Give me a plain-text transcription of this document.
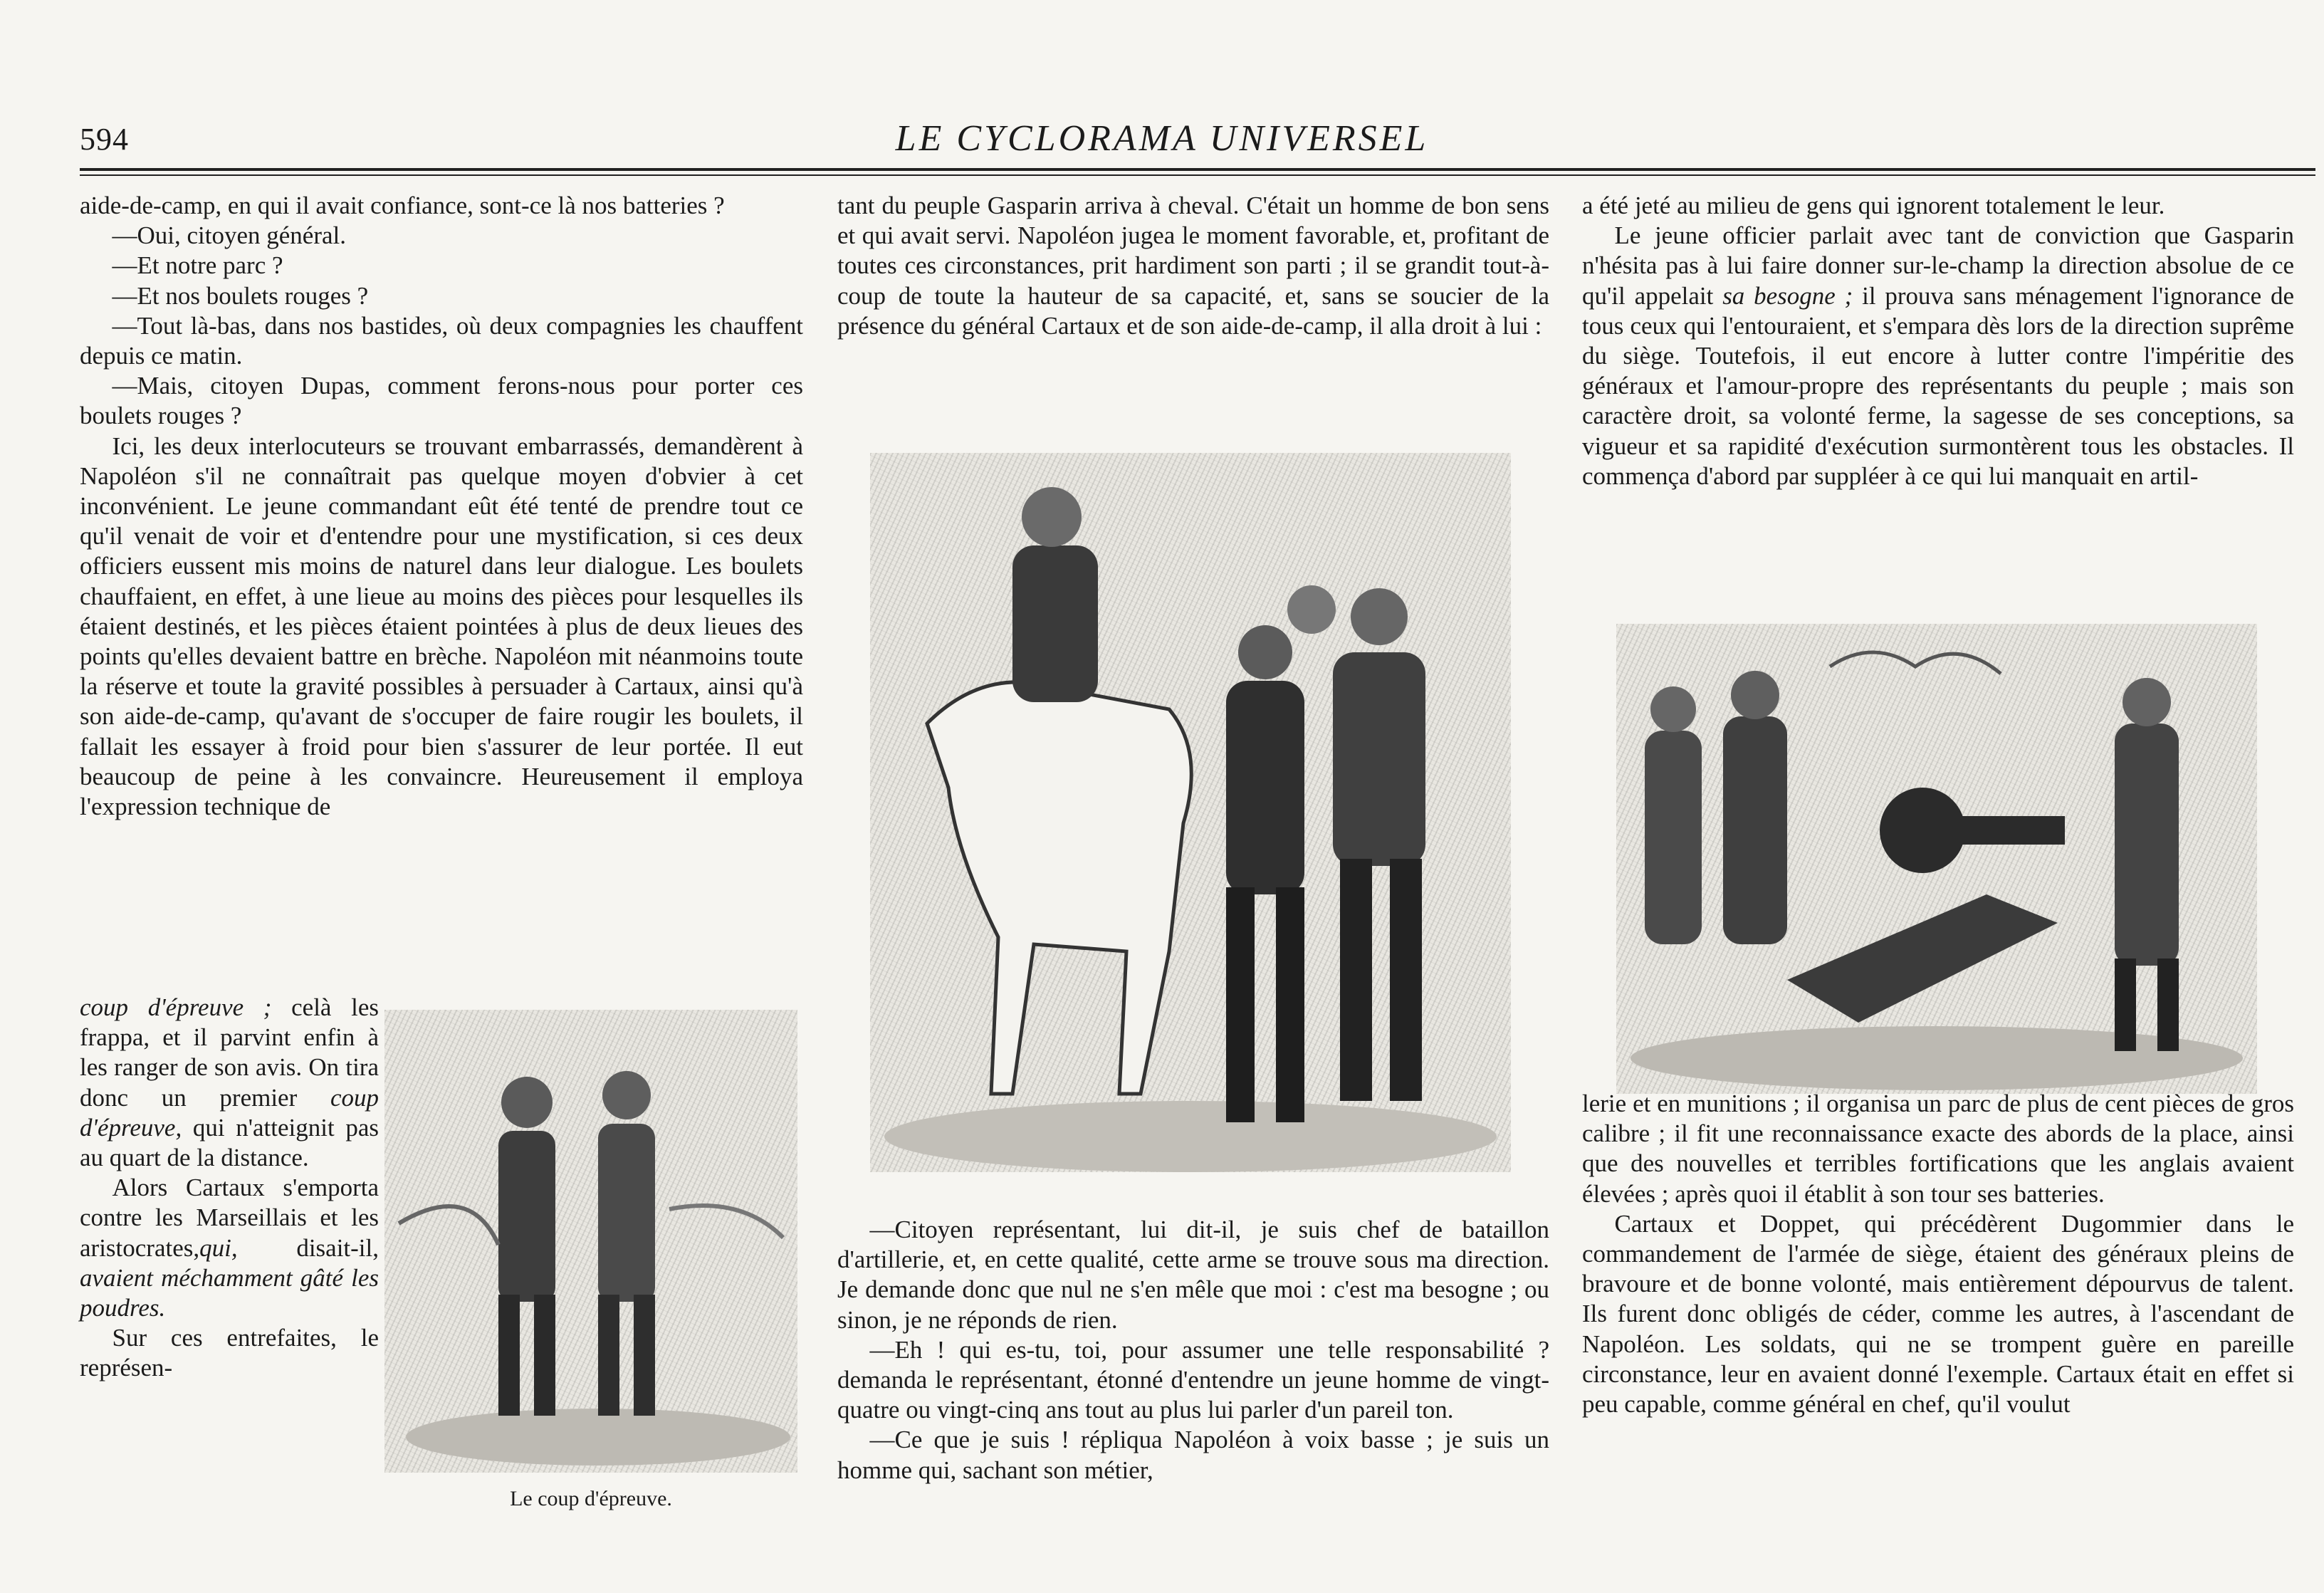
594	LE CYCLORAMA UNIVERSEL

aide-de-camp, en qui il avait confiance, sont-ce là nos batteries ?

—Oui, citoyen général.

—Et notre parc ?

—Et nos boulets rouges ?

—Tout là-bas, dans nos bastides, où deux compagnies les chauffent depuis ce matin.

—Mais, citoyen Dupas, comment ferons-nous pour porter ces boulets rouges ?

Ici, les deux interlocuteurs se trouvant embarrassés, demandèrent à Napoléon s'il ne connaîtrait pas quelque moyen d'obvier à cet inconvénient. Le jeune commandant eût été tenté de prendre tout ce qu'il venait de voir et d'entendre pour une mystification, si ces deux officiers eussent mis moins de naturel dans leur dialogue. Les boulets chauffaient, en effet, à une lieue au moins des pièces pour lesquelles ils étaient destinés, et les pièces étaient pointées à plus de deux lieues des points qu'elles devaient battre en brèche. Napoléon mit néanmoins toute la réserve et toute la gravité possibles à persuader à Cartaux, ainsi qu'à son aide-de-camp, qu'avant de s'occuper de faire rougir les boulets, il fallait les essayer à froid pour bien s'assurer de leur portée. Il eut beaucoup de peine à les convaincre. Heureusement il employa l'expression technique de

coup d'épreuve ; celà les frappa, et il parvint enfin à les ranger de son avis. On tira donc un premier coup d'épreuve, qui n'atteignit pas au quart de la distance.

Alors Cartaux s'emporta contre les Marseillais et les aristocrates,qui, disait-il, avaient méchamment gâté les poudres.

Sur ces entrefaites, le représen-

Le coup d'épreuve.

tant du peuple Gasparin arriva à cheval. C'était un homme de bon sens et qui avait servi. Napoléon jugea le moment favorable, et, profitant de toutes ces circonstances, prit hardiment son parti ; il se grandit tout-à-coup de toute la hauteur de sa capacité, et, sans se soucier de la présence du général Cartaux et de son aide-de-camp, il alla droit à lui :

—Citoyen représentant, lui dit-il, je suis chef de bataillon d'artillerie, et, en cette qualité, cette arme se trouve sous ma direction. Je demande donc que nul ne s'en mêle que moi : c'est ma besogne ; ou sinon, je ne réponds de rien.

—Eh ! qui es-tu, toi, pour assumer une telle responsabilité ? demanda le représentant, étonné d'entendre un jeune homme de vingt-quatre ou vingt-cinq ans tout au plus lui parler d'un pareil ton.

—Ce que je suis ! répliqua Napoléon à voix basse ; je suis un homme qui, sachant son métier,

a été jeté au milieu de gens qui ignorent totalement le leur.

Le jeune officier parlait avec tant de conviction que Gasparin n'hésita pas à lui faire donner sur-le-champ la direction absolue de ce qu'il appelait sa besogne ; il prouva sans ménagement l'ignorance de tous ceux qui l'entouraient, et s'empara dès lors de la direction suprême du siège. Toutefois, il eut encore à lutter contre l'impéritie des généraux et l'amour-propre des représentants du peuple ; mais son caractère droit, sa volonté ferme, la sagesse de ses conceptions, sa vigueur et sa rapidité d'exécution surmontèrent tous les obstacles. Il commença d'abord par suppléer à ce qui lui manquait en artil-

lerie et en munitions ; il organisa un parc de plus de cent pièces de gros calibre ; il fit une reconnaissance exacte des abords de la place, ainsi que des nouvelles et terribles fortifications que les anglais avaient élevées ; après quoi il établit à son tour ses batteries.

Cartaux et Doppet, qui précédèrent Dugommier dans le commandement de l'armée de siège, étaient des généraux pleins de bravoure et de bonne volonté, mais entièrement dépourvus de talent. Ils furent donc obligés de céder, comme les autres, à l'ascendant de Napoléon. Les soldats, qui ne se trompent guère en pareille circonstance, leur en avaient donné l'exemple. Cartaux était en effet si peu capable, comme général en chef, qu'il voulut
